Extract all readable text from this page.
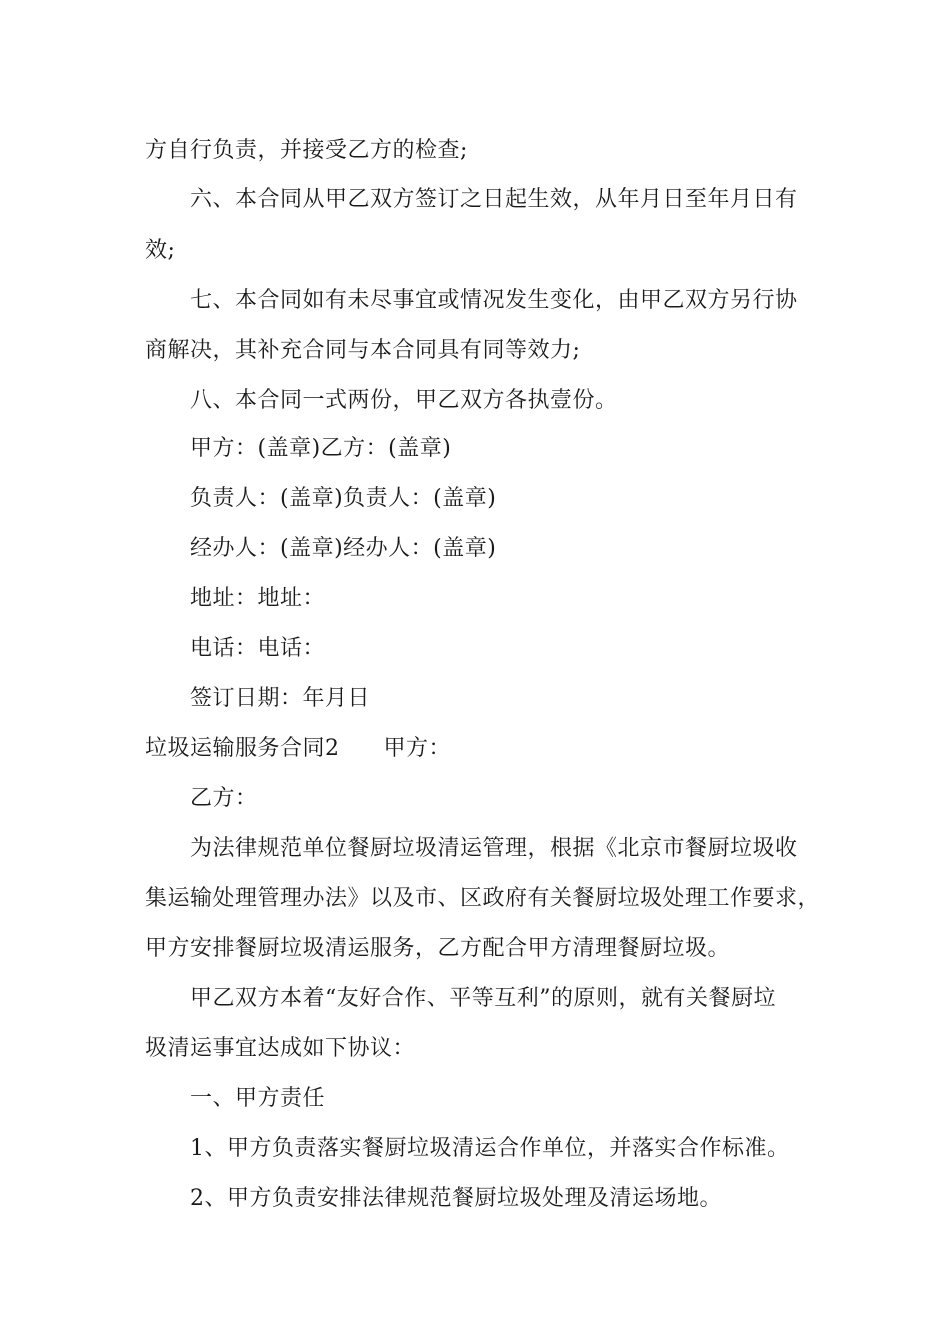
方自行负责，并接受乙方的检查;
六、本合同从甲乙双方签订之日起生效，从年月日至年月日有
效;
七、本合同如有未尽事宜或情况发生变化，由甲乙双方另行协
商解决，其补充合同与本合同具有同等效力;
八、本合同一式两份，甲乙双方各执壹份。
甲方：(盖章)乙方：(盖章)
负责人：(盖章)负责人：(盖章)
经办人：(盖章)经办人：(盖章)
地址：地址：
电话：电话：
签订日期：年月日
垃圾运输服务合同2 甲方：
乙方：
为法律规范单位餐厨垃圾清运管理，根据《北京市餐厨垃圾收
集运输处理管理办法》以及市、区政府有关餐厨垃圾处理工作要求，
甲方安排餐厨垃圾清运服务，乙方配合甲方清理餐厨垃圾。
甲乙双方本着“友好合作、平等互利”的原则，就有关餐厨垃
圾清运事宜达成如下协议：
一、甲方责任
1、甲方负责落实餐厨垃圾清运合作单位，并落实合作标准。
2、甲方负责安排法律规范餐厨垃圾处理及清运场地。
